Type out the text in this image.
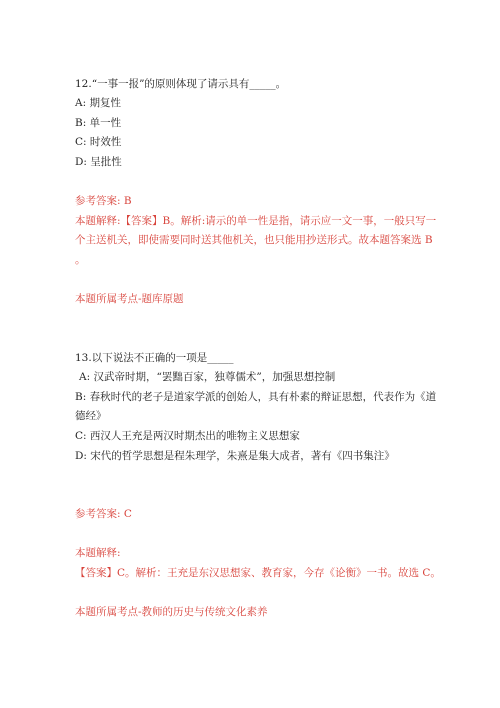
12.“一事一报”的原则体现了请示具有_____。
A: 期复性
B: 单一性
C: 时效性
D: 呈批性
参考答案: B
本题解释:【答案】B。解析:请示的单一性是指，请示应一文一事，一般只写一
个主送机关，即使需要同时送其他机关，也只能用抄送形式。故本题答案选 B
。
本题所属考点-题库原题
13.以下说法不正确的一项是_____
A: 汉武帝时期，“罢黜百家，独尊儒术”，加强思想控制
B: 春秋时代的老子是道家学派的创始人，具有朴素的辩证思想，代表作为《道
德经》
C: 西汉人王充是两汉时期杰出的唯物主义思想家
D: 宋代的哲学思想是程朱理学，朱熹是集大成者，著有《四书集注》
参考答案: C
本题解释:
【答案】C。解析：王充是东汉思想家、教育家，今存《论衡》一书。故选 C。
本题所属考点-教师的历史与传统文化素养
